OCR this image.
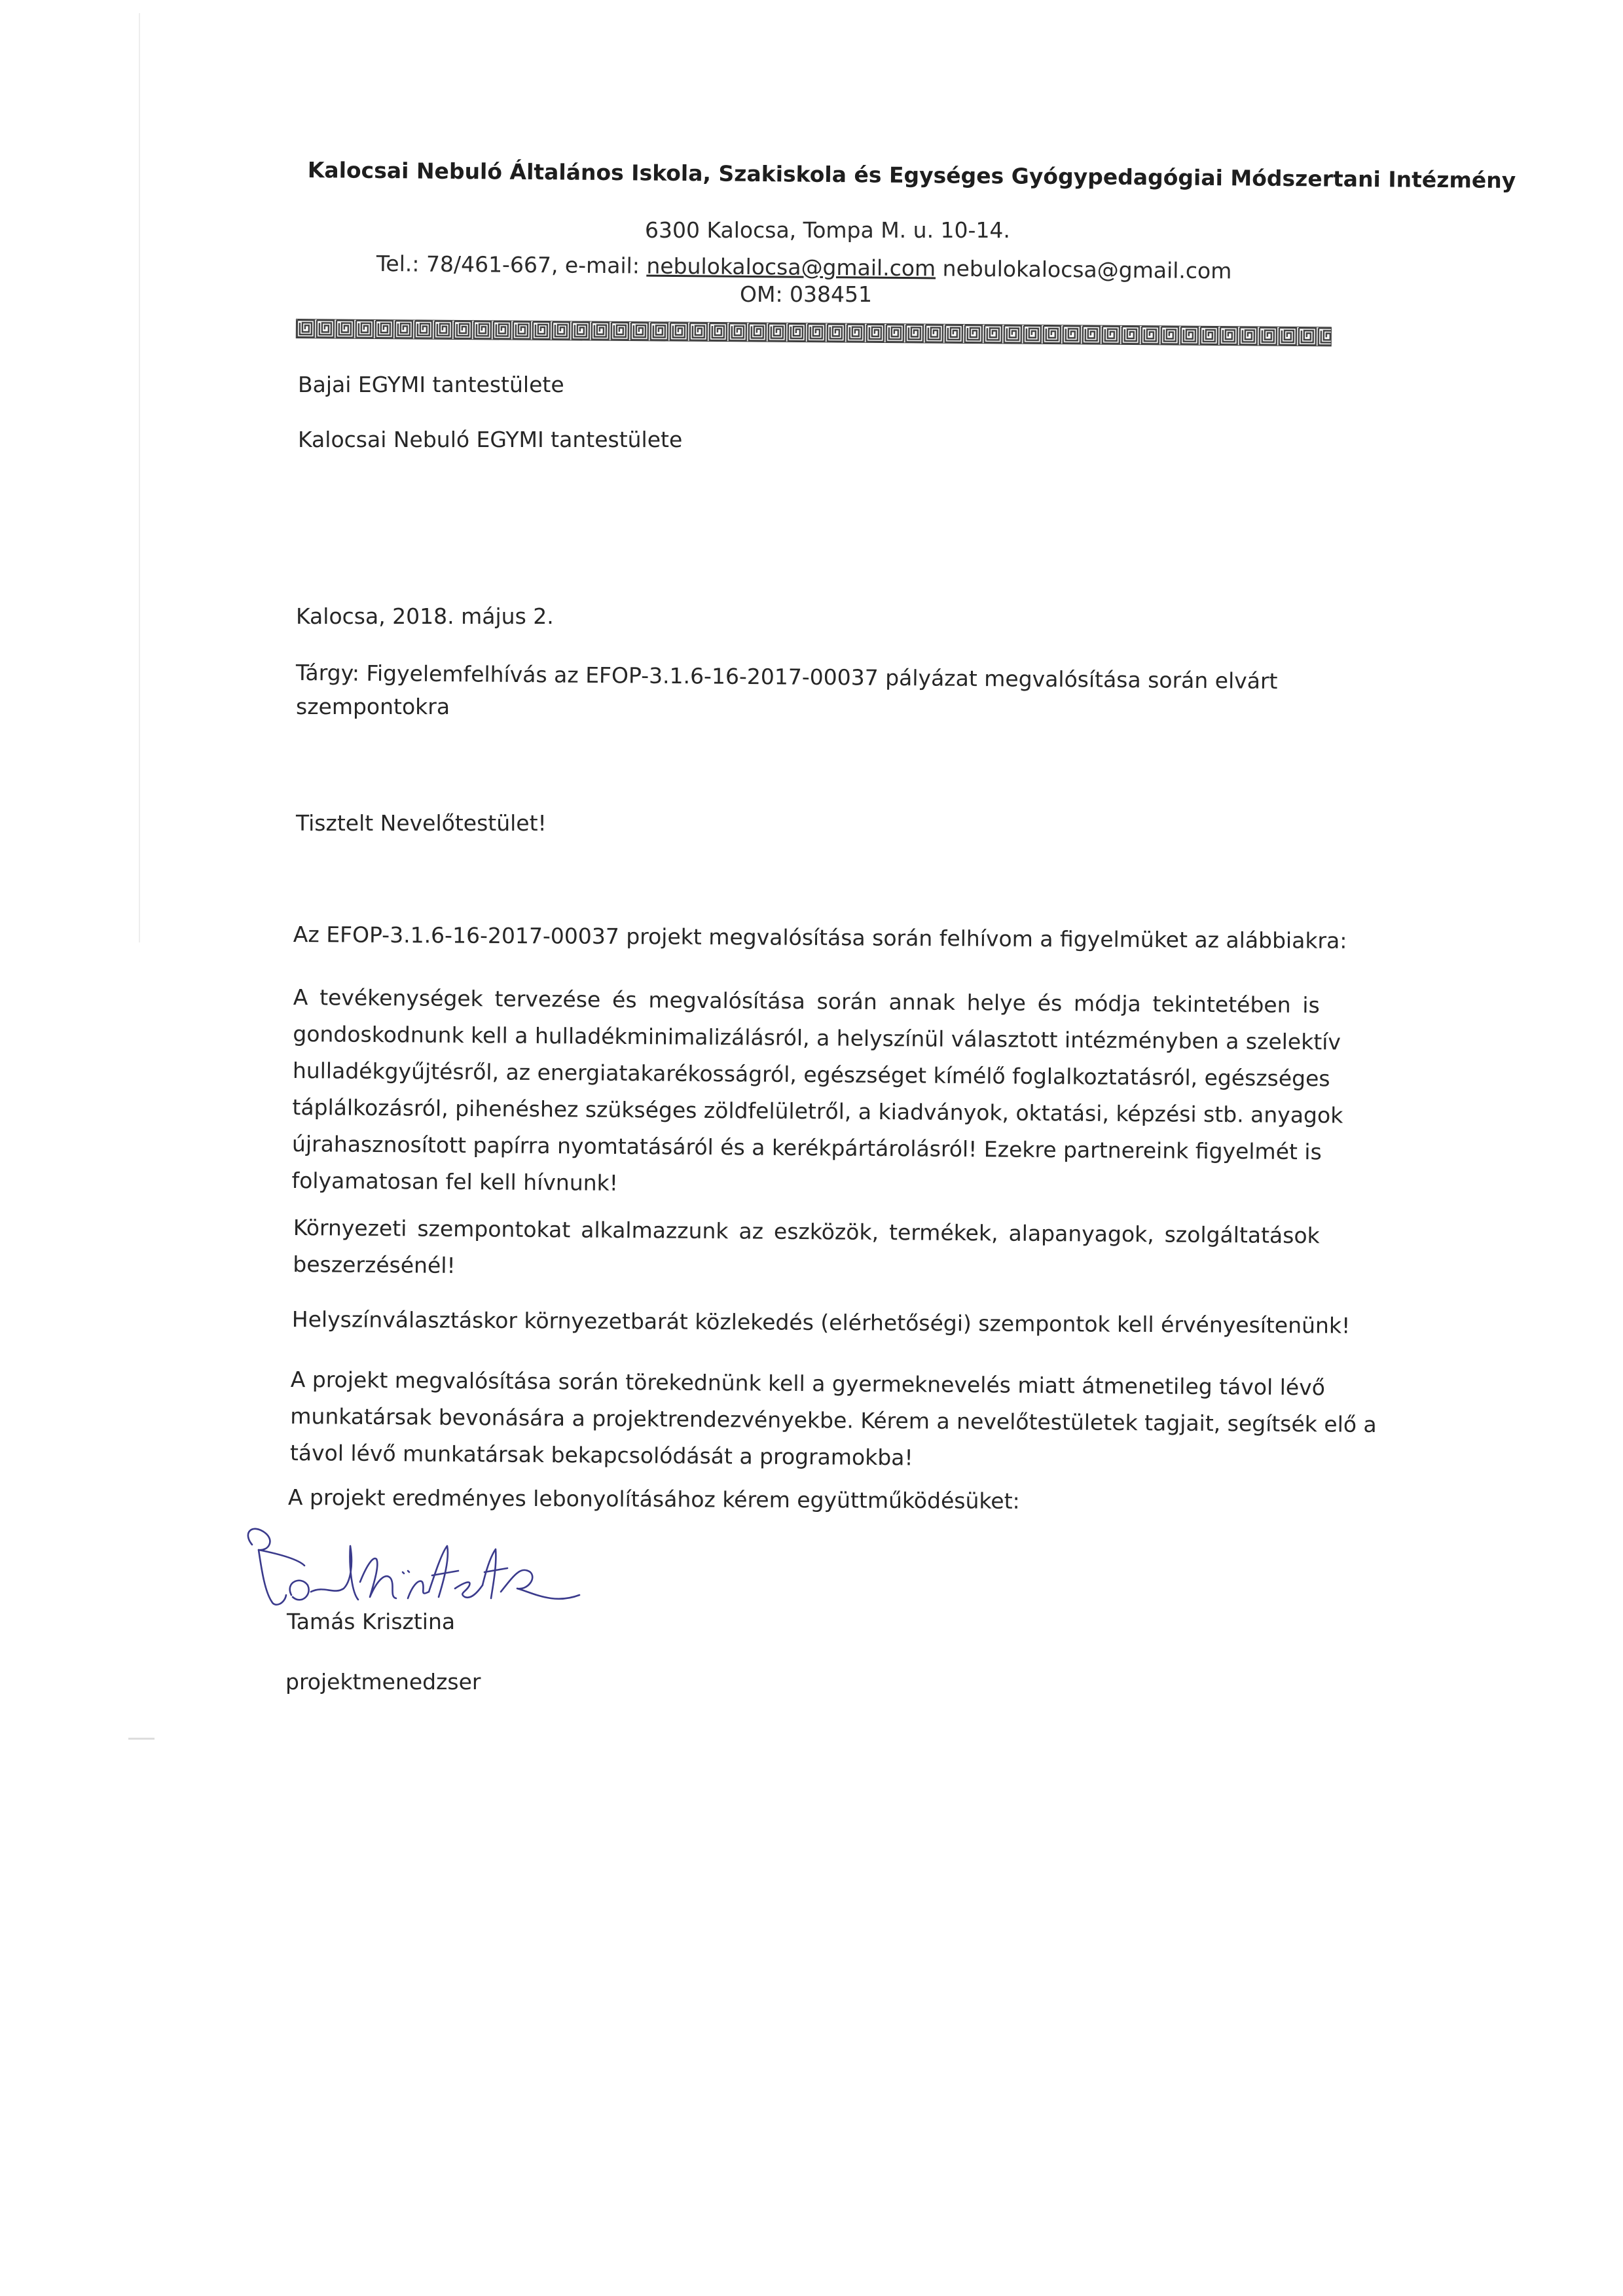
Kalocsai Nebuló Általános Iskola, Szakiskola és Egységes Gyógypedagógiai Módszertani Intézmény
6300 Kalocsa, Tompa M. u. 10-14.
Tel.: 78/461-667, e-mail: nebulokalocsa@gmail.com nebulokalocsa@gmail.com
OM: 038451
Bajai EGYMI tantestülete
Kalocsai Nebuló EGYMI tantestülete
Kalocsa, 2018. május 2.
Tárgy: Figyelemfelhívás az EFOP-3.1.6-16-2017-00037 pályázat megvalósítása során elvárt
szempontokra
Tisztelt Nevelőtestület!
Az EFOP-3.1.6-16-2017-00037 projekt megvalósítása során felhívom a figyelmüket az alábbiakra:
A tevékenységek tervezése és megvalósítása során annak helye és módja tekintetében is
gondoskodnunk kell a hulladékminimalizálásról, a helyszínül választott intézményben a szelektív
hulladékgyűjtésről, az energiatakarékosságról, egészséget kímélő foglalkoztatásról, egészséges
táplálkozásról, pihenéshez szükséges zöldfelületről, a kiadványok, oktatási, képzési stb. anyagok
újrahasznosított papírra nyomtatásáról és a kerékpártárolásról! Ezekre partnereink figyelmét is
folyamatosan fel kell hívnunk!
Környezeti szempontokat alkalmazzunk az eszközök, termékek, alapanyagok, szolgáltatások
beszerzésénél!
Helyszínválasztáskor környezetbarát közlekedés (elérhetőségi) szempontok kell érvényesítenünk!
A projekt megvalósítása során törekednünk kell a gyermeknevelés miatt átmenetileg távol lévő
munkatársak bevonására a projektrendezvényekbe. Kérem a nevelőtestületek tagjait, segítsék elő a
távol lévő munkatársak bekapcsolódását a programokba!
A projekt eredményes lebonyolításához kérem együttműködésüket:
Tamás Krisztina
projektmenedzser
